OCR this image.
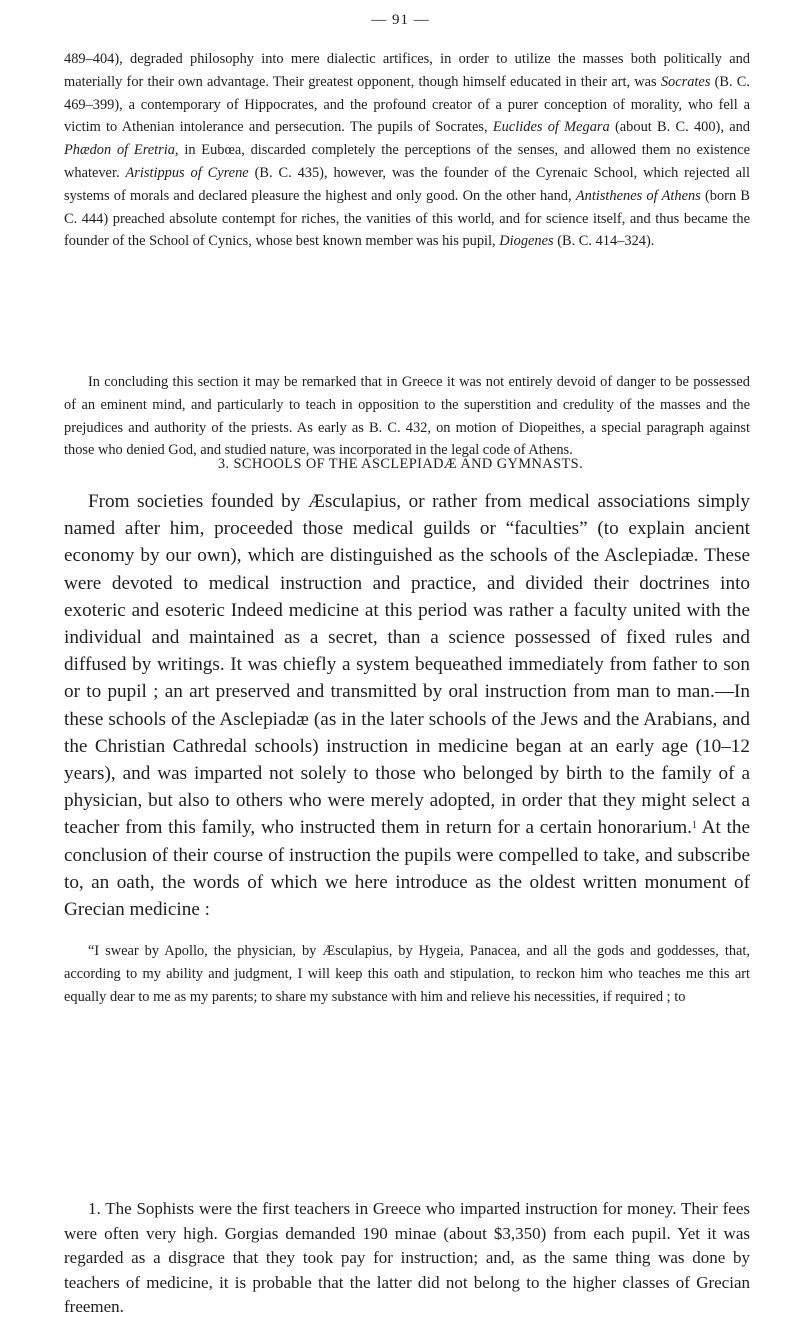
— 91 —

489–404), degraded philosophy into mere dialectic artifices, in order to utilize the masses both politically and materially for their own advantage. Their greatest opponent, though himself educated in their art, was Socrates (B. C. 469–399), a contemporary of Hippocrates, and the profound creator of a purer conception of morality, who fell a victim to Athenian intolerance and persecution. The pupils of Socrates, Euclides of Megara (about B. C. 400), and Phædon of Eretria, in Eubœa, discarded completely the perceptions of the senses, and allowed them no existence whatever. Aristippus of Cyrene (B. C. 435), however, was the founder of the Cyrenaic School, which rejected all systems of morals and declared pleasure the highest and only good. On the other hand, Antisthenes of Athens (born B C. 444) preached absolute contempt for riches, the vanities of this world, and for science itself, and thus became the founder of the School of Cynics, whose best known member was his pupil, Diogenes (B. C. 414–324).

In concluding this section it may be remarked that in Greece it was not entirely devoid of danger to be possessed of an eminent mind, and particularly to teach in opposition to the superstition and credulity of the masses and the prejudices and authority of the priests. As early as B. C. 432, on motion of Diopeithes, a special paragraph against those who denied God, and studied nature, was incorporated in the legal code of Athens.

3. SCHOOLS OF THE ASCLEPIADÆ AND GYMNASTS.

From societies founded by Æsculapius, or rather from medical associations simply named after him, proceeded those medical guilds or “faculties” (to explain ancient economy by our own), which are distinguished as the schools of the Asclepiadæ. These were devoted to medical instruction and practice, and divided their doctrines into exoteric and esoteric Indeed medicine at this period was rather a faculty united with the individual and maintained as a secret, than a science possessed of fixed rules and diffused by writings. It was chiefly a system bequeathed immediately from father to son or to pupil ; an art preserved and transmitted by oral instruction from man to man.—In these schools of the Asclepiadæ (as in the later schools of the Jews and the Arabians, and the Christian Cathredal schools) instruction in medicine began at an early age (10–12 years), and was imparted not solely to those who belonged by birth to the family of a physician, but also to others who were merely adopted, in order that they might select a teacher from this family, who instructed them in return for a certain honorarium.$^1$ At the conclusion of their course of instruction the pupils were compelled to take, and subscribe to, an oath, the words of which we here introduce as the oldest written monument of Grecian medicine :

“I swear by Apollo, the physician, by Æsculapius, by Hygeia, Panacea, and all the gods and goddesses, that, according to my ability and judgment, I will keep this oath and stipulation, to reckon him who teaches me this art equally dear to me as my parents; to share my substance with him and relieve his necessities, if required ; to

1. The Sophists were the first teachers in Greece who imparted instruction for money. Their fees were often very high. Gorgias demanded 190 minae (about $3,350) from each pupil. Yet it was regarded as a disgrace that they took pay for instruction; and, as the same thing was done by teachers of medicine, it is probable that the latter did not belong to the higher classes of Grecian freemen.
